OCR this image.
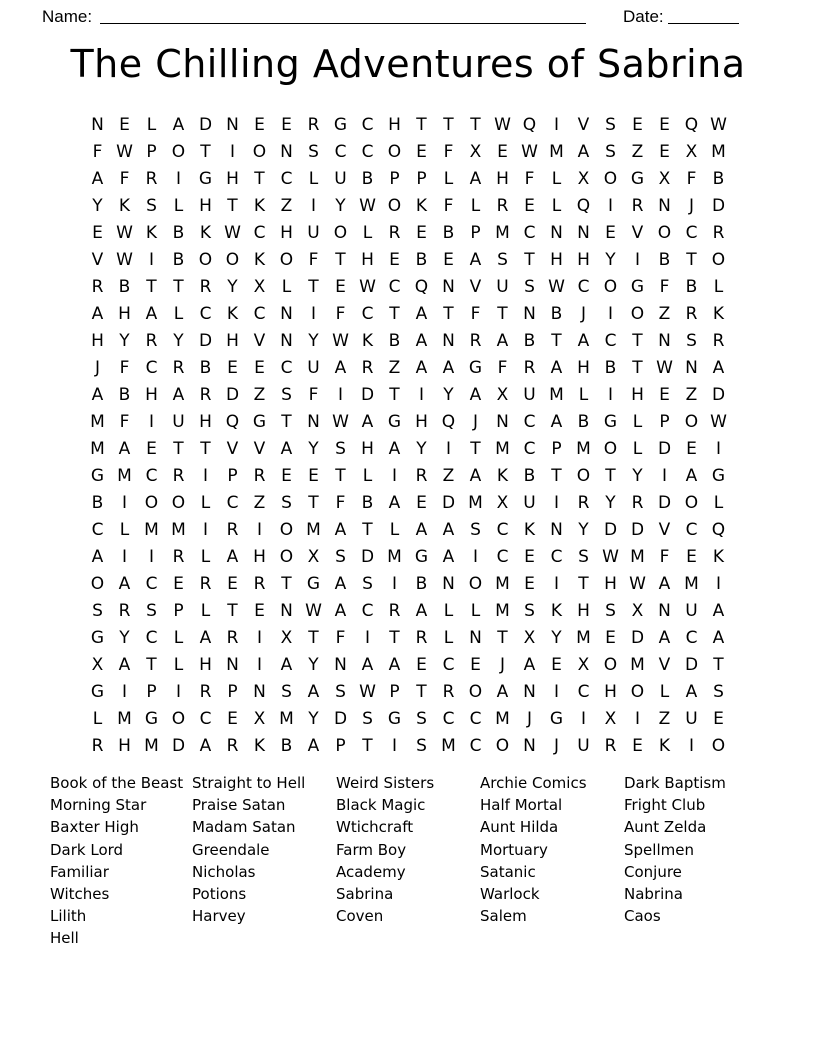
Name:	Date:
The Chilling Adventures of Sabrina
N E L A D N E E R G C H T T T W Q	I	V S E E Q W
F W P O T	I	O N S C C O E F X E W M A S Z E X M
A F R	I	G H T C L U B P P	L A H F	L X O G X F B
Y K S L H T K Z	I	Y W O K F	L R E L Q	I	R N	J	D
E W K B K W C H U O L R E B P M C N N E V O C R
V W I	B O O K O F T H E B E A S T H H Y	I	B T O
R B T T R Y X L	T E W C Q N V U S W C O G F B L
A H A L C K C N	I	F C T A T F T N B	J	I	O Z R K
H Y R Y D H V N Y W K B A N R A B T A C T N S R
J	F C R B E E C U A R Z A A G F R A H B T W N A
A B H A R D Z S F	I	D T	I	Y A X U M L	I	H E Z D
M F	I	U H Q G T N W A G H Q	J	N C A B G L	P O W
M A E T T V V A Y S H A Y	I	T M C P M O L D E	I
G M C R	I	P R E E T	L	I	R Z A K B T O T Y	I	A G
B	I	O O L C Z S T F B A E D M X U	I	R Y R D O L
C L M M	I	R	I	O M A T	L A A S C K N Y D D V C Q
A	I	I	R L A H O X S D M G A	I	C E C S W M F E K
O A C E R E R T G A S	I	B N O M E	I	T H W A M	I
S R S P	L	T E N W A C R A L	L M S K H S X N U A
G Y C L A R	I	X T F	I	T R L N T X Y M E D A C A
X A T	L H N	I	A Y N A A E C E	J	A E X O M V D T
G	I	P	I	R P N S A S W P T R O A N	I	C H O L A S
L M G O C E X M Y D S G S C C M	J	G	I	X	I	Z U E
R H M D A R K B A P T	I	S M C O N	J	U R E K	I	O
Book of the Beast
Morning Star
Baxter High
Dark Lord
Familiar
Witches
Lilith
Hell
Straight to Hell
Praise Satan
Madam Satan
Greendale
Nicholas
Potions
Harvey
Weird Sisters
Black Magic
Wtichcraft
Farm Boy
Academy
Sabrina
Coven
Archie Comics
Half Mortal
Aunt Hilda
Mortuary
Satanic
Warlock
Salem
Dark Baptism
Fright Club
Aunt Zelda
Spellmen
Conjure
Nabrina
Caos
